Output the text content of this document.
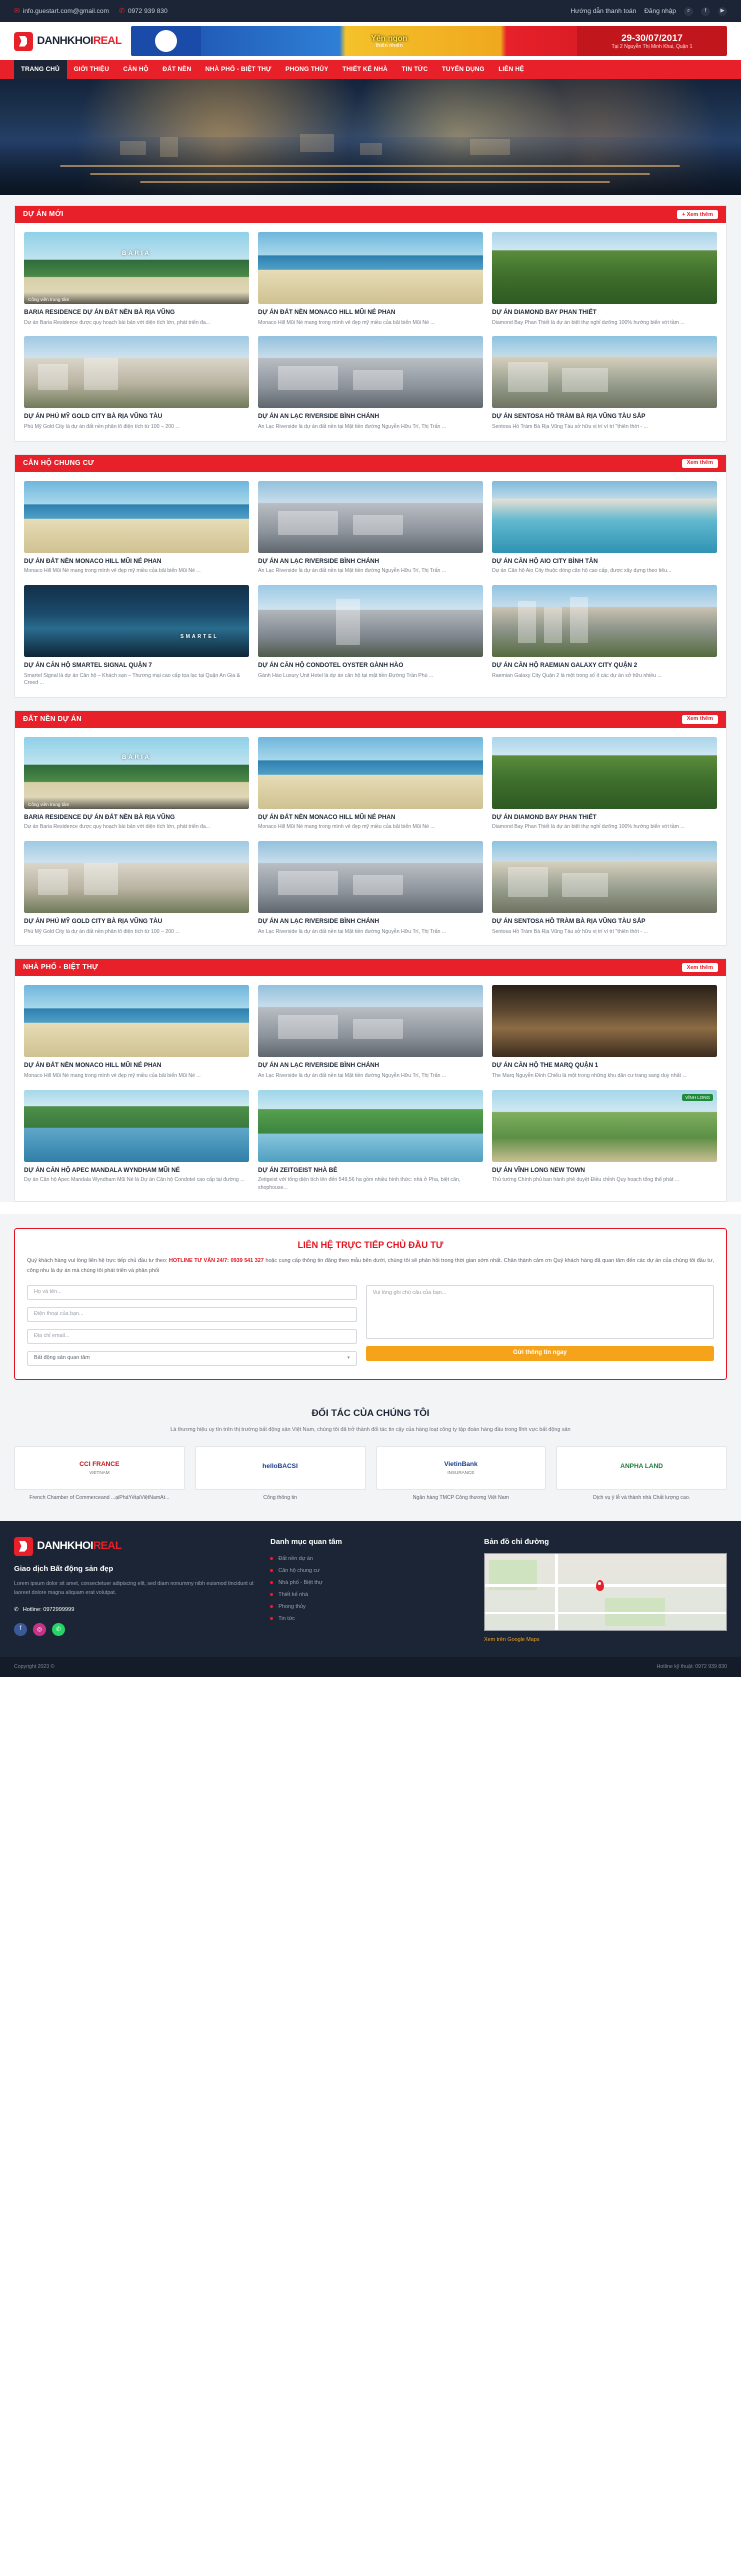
✉ info.guestart.com@gmail.com ✆ 0972 939 830	Hướng dẫn thanh toán Đăng nhập	⌕	f	▶
DANHKHOIREAL	Yến ngon
thiên nhiên
29-30/07/2017
Tại 2 Nguyễn Thị Minh Khai, Quận 1
TRANG CHỦ	GIỚI THIỆU	CĂN HỘ	ĐẤT NỀN	NHÀ PHỐ - BIỆT THỰ	PHONG THỦY	THIẾT KẾ NHÀ	TIN TỨC	TUYỂN DỤNG	LIÊN HỆ
DỰ ÁN MỚI	+ Xem thêm
BARIA
Công viên trung tâm
BARIA RESIDENCE DỰ ÁN ĐẤT NỀN BÀ RỊA VŨNG
Dự án Baria Residence được quy hoạch bài bản với diện tích lớn, phát triển đa...
DỰ ÁN ĐẤT NỀN MONACO HILL MŨI NÉ PHAN
Monaco Hill Mũi Né mang trong mình vẻ đẹp mỹ miều của bãi biển Mũi Né ...
DỰ ÁN DIAMOND BAY PHAN THIẾT
Diamond Bay Phan Thiết là dự án biệt thự nghỉ dưỡng 100% hướng biển với tầm ...
DỰ ÁN PHÚ MỸ GOLD CITY BÀ RỊA VŨNG TÀU
Phú Mỹ Gold City là dự án đất nền phân lô điện tích từ 100 – 200 ...
DỰ ÁN AN LẠC RIVERSIDE BÌNH CHÁNH
An Lạc Riverside là dự án đất nền tại Mặt tiền đường Nguyễn Hữu Trí, Thị Trấn ...
DỰ ÁN SENTOSA HỒ TRÀM BÀ RỊA VŨNG TÀU SẮP
Sentosa Hồ Tràm Bà Rịa Vũng Tàu sở hữu vị trí ví trí "thiên thời - ...
CĂN HỘ CHUNG CƯ	Xem thêm
DỰ ÁN ĐẤT NỀN MONACO HILL MŨI NÉ PHAN
Monaco Hill Mũi Né mang trong mình vẻ đẹp mỹ miều của bãi biển Mũi Né ...
DỰ ÁN AN LẠC RIVERSIDE BÌNH CHÁNH
An Lạc Riverside là dự án đất nền tại Mặt tiền đường Nguyễn Hữu Trí, Thị Trấn ...
DỰ ÁN CĂN HỘ AIO CITY BÌNH TÂN
Dự án Căn hộ Aio City thuộc dòng căn hộ cao cấp, được xây dựng theo tiêu...
SMARTEL
DỰ ÁN CĂN HỘ SMARTEL SIGNAL QUẬN 7
Smartel Signal là dự án Căn hộ – Khách sạn – Thương mại cao cấp tọa lạc tại Quận An Gia & Creed ...
DỰ ÁN CĂN HỘ CONDOTEL OYSTER GÀNH HÀO
Gành Hào Luxury Unit Hotel là dự án căn hộ tại mặt tiền Đường Trần Phú ...
DỰ ÁN CĂN HỘ RAEMIAN GALAXY CITY QUẬN 2
Raemian Galaxy City Quận 2 là một trong số ít các dự án sở hữu nhiều ...
ĐẤT NỀN DỰ ÁN	Xem thêm
BARIA
Công viên trung tâm
BARIA RESIDENCE DỰ ÁN ĐẤT NỀN BÀ RỊA VŨNG
Dự án Baria Residence được quy hoạch bài bản với diện tích lớn, phát triển đa...
DỰ ÁN ĐẤT NỀN MONACO HILL MŨI NÉ PHAN
Monaco Hill Mũi Né mang trong mình vẻ đẹp mỹ miều của bãi biển Mũi Né ...
DỰ ÁN DIAMOND BAY PHAN THIẾT
Diamond Bay Phan Thiết là dự án biệt thự nghỉ dưỡng 100% hướng biển với tầm ...
DỰ ÁN PHÚ MỸ GOLD CITY BÀ RỊA VŨNG TÀU
Phú Mỹ Gold City là dự án đất nền phân lô điện tích từ 100 – 200 ...
DỰ ÁN AN LẠC RIVERSIDE BÌNH CHÁNH
An Lạc Riverside là dự án đất nền tại Mặt tiền đường Nguyễn Hữu Trí, Thị Trấn ...
DỰ ÁN SENTOSA HỒ TRÀM BÀ RỊA VŨNG TÀU SẮP
Sentosa Hồ Tràm Bà Rịa Vũng Tàu sở hữu vị trí ví trí "thiên thời - ...
NHÀ PHỐ - BIỆT THỰ	Xem thêm
DỰ ÁN ĐẤT NỀN MONACO HILL MŨI NÉ PHAN
Monaco Hill Mũi Né mang trong mình vẻ đẹp mỹ miều của bãi biển Mũi Né ...
DỰ ÁN AN LẠC RIVERSIDE BÌNH CHÁNH
An Lạc Riverside là dự án đất nền tại Mặt tiền đường Nguyễn Hữu Trí, Thị Trấn ...
DỰ ÁN CĂN HỘ THE MARQ QUẬN 1
The Marq Nguyễn Đình Chiểu là một trong những khu dân cư trang sang duy nhất ...
DỰ ÁN CĂN HỘ APEC MANDALA WYNDHAM MŨI NÉ
Dự án Căn hộ Apec Mandala Wyndham Mũi Né là Dự án Căn hộ Condotel cao cấp tại đường ...
DỰ ÁN ZEITGEIST NHÀ BÈ
Zeitgeist với tổng diện tích lên đến 549,56 ha gồm nhiều hình thức: nhà ở Pha, biệt căn, shophouse...
VĨNH LONG
DỰ ÁN VĨNH LONG NEW TOWN
Thủ tướng Chính phủ ban hành phê duyệt Điều chỉnh Quy hoạch tổng thể phát ...
LIÊN HỆ TRỰC TIẾP CHỦ ĐẦU TƯ
Quý khách hàng vui lòng liên hệ trực tiếp chủ đầu tư theo: HOTLINE TƯ VẤN 24/7: 0939 541 327 hoặc cung cấp thông tin đăng theo mẫu bên dưới, chúng tôi sẽ phản hồi trong thời gian sớm nhất. Chân thành cảm ơn Quý khách hàng đã quan tâm đến các dự án của chúng tôi đầu tư, công nhu là dự án mà chúng tôi phát triển và phân phối
Họ và tên...
Điện thoại của bạn...
Địa chỉ email...
Bất động sản quan tâm	▾
Vui lòng ghi chú câu của bạn...
Gửi thông tin ngay
ĐỐI TÁC CỦA CHÚNG TÔI

Là thương hiệu uy tín trên thị trường bất động sản Việt Nam, chúng tôi đã trở thành đối tác tin cậy của hàng loạt công ty tập đoàn hàng đầu trong lĩnh vực bất động sản

CCI FRANCE
VIETNAM
helloBACSI	VietinBank
INSURANCE
ANPHA LAND
French Chamber of Commerceand ...ạiPháYếtạiViệtNamAt...	Cổng thông tin	Ngân hàng TMCP Công thương Việt Nam	Dịch vụ ý lễ và thành nhà Chất lượng cao.
DANHKHOIREAL
Giao dịch Bất động sản đẹp
Lorem ipsum dolor sit amet, consectetuer adipiscing elit, sed diam nonummy nibh euismod tincidunt ut laoreet dolore magna aliquam erat volutpat.
✆ Hotline: 0972999999
f	◎	✆
Danh mục quan tâm
Đất nền dự án
Căn hộ chung cư
Nhà phố - Biệt thự
Thiết kế nhà
Phong thủy
Tin tức
Bản đồ chỉ đường
Xem trên Google Maps
Copyright 2023 ©	Hotline kỹ thuật: 0972 939 830
